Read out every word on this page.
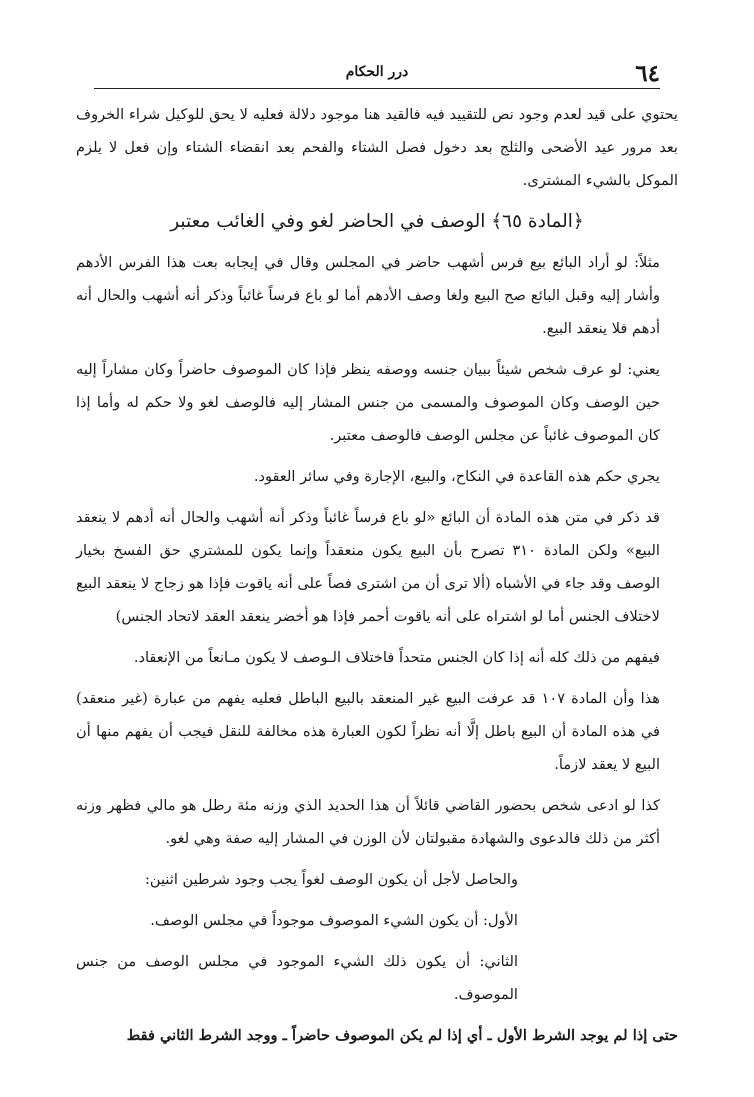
٦٤
درر الحكام

يحتوي على قيد لعدم وجود نص للتقييد فيه فالقيد هنا موجود دلالة فعليه لا يحق للوكيل شراء الخروف بعد مرور عيد الأضحى والثلج بعد دخول فصل الشتاء والفحم بعد انقضاء الشتاء وإن فعل لا يلزم الموكل بالشيء المشترى.

﴿المادة ٦٥﴾ الوصف في الحاضر لغو وفي الغائب معتبر

مثلاً: لو أراد البائع بيع فرس أشهب حاضر في المجلس وقال في إيجابه بعت هذا الفرس الأدهم وأشار إليه وقبل البائع صح البيع ولغا وصف الأدهم أما لو باع فرساً غائباً وذكر أنه أشهب والحال أنه أدهم فلا ينعقد البيع.

يعني: لو عرف شخص شيئاً ببيان جنسه ووصفه ينظر فإذا كان الموصوف حاضراً وكان مشاراً إليه حين الوصف وكان الموصوف والمسمى من جنس المشار إليه فالوصف لغو ولا حكم له وأما إذا كان الموصوف غائباً عن مجلس الوصف فالوصف معتبر.

يجري حكم هذه القاعدة في النكاح، والبيع، الإجارة وفي سائر العقود.

قد ذكر في متن هذه المادة أن البائع «لو باع فرساً غائباً وذكر أنه أشهب والحال أنه أدهم لا ينعقد البيع» ولكن المادة ٣١٠ تصرح بأن البيع يكون منعقداً وإنما يكون للمشتري حق الفسخ بخيار الوصف وقد جاء في الأشباه (ألا ترى أن من اشترى فصاً على أنه ياقوت فإذا هو زجاج لا ينعقد البيع لاختلاف الجنس أما لو اشتراه على أنه ياقوت أحمر فإذا هو أخضر ينعقد العقد لاتحاد الجنس)

فيفهم من ذلك كله أنه إذا كان الجنس متحداً فاختلاف الـوصف لا يكون مـانعاً من الإنعقاد.

هذا وأن المادة ١٠٧ قد عرفت البيع غير المنعقد بالبيع الباطل فعليه يفهم من عبارة (غير منعقد) في هذه المادة أن البيع باطل إلَّا أنه نظراً لكون العبارة هذه مخالفة للنقل فيجب أن يفهم منها أن البيع لا يعقد لازماً.

كذا لو ادعى شخص بحضور القاضي قائلاً أن هذا الحديد الذي وزنه مئة رطل هو مالي فظهر وزنه أكثر من ذلك فالدعوى والشهادة مقبولتان لأن الوزن في المشار إليه صفة وهي لغو.

والحاصل لأجل أن يكون الوصف لغواً يجب وجود شرطين اثنين:

الأول: أن يكون الشيء الموصوف موجوداً في مجلس الوصف.

الثاني: أن يكون ذلك الشيء الموجود في مجلس الوصف من جنس الموصوف.

حتى إذا لم يوجد الشرط الأول ـ أي إذا لم يكن الموصوف حاضراً ـ ووجد الشرط الثاني فقط
